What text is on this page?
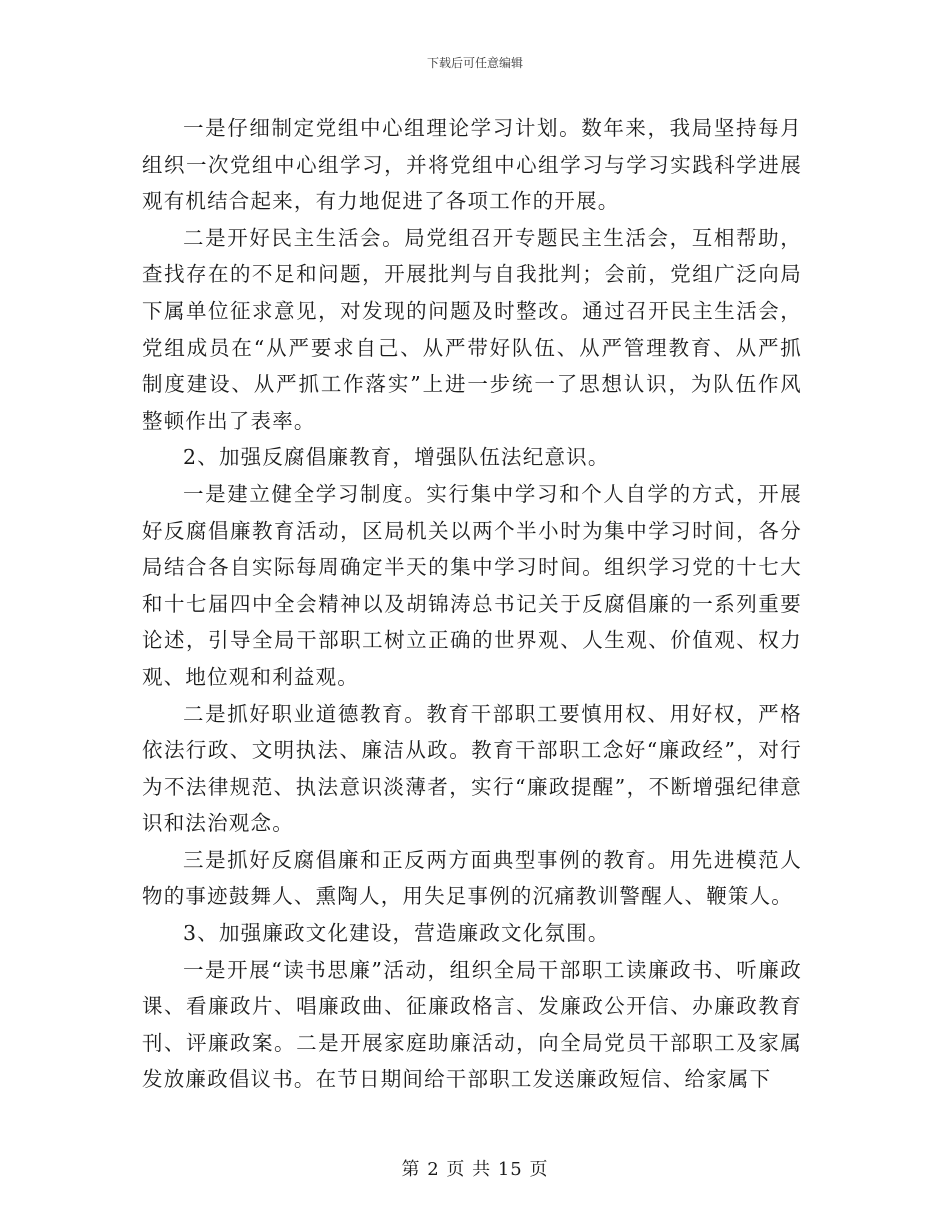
下载后可任意编辑

一是仔细制定党组中心组理论学习计划。数年来，我局坚持每月组织一次党组中心组学习，并将党组中心组学习与学习实践科学进展观有机结合起来，有力地促进了各项工作的开展。

二是开好民主生活会。局党组召开专题民主生活会，互相帮助，查找存在的不足和问题，开展批判与自我批判；会前，党组广泛向局下属单位征求意见，对发现的问题及时整改。通过召开民主生活会，党组成员在“从严要求自己、从严带好队伍、从严管理教育、从严抓制度建设、从严抓工作落实”上进一步统一了思想认识，为队伍作风整顿作出了表率。

2、加强反腐倡廉教育，增强队伍法纪意识。

一是建立健全学习制度。实行集中学习和个人自学的方式，开展好反腐倡廉教育活动，区局机关以两个半小时为集中学习时间，各分局结合各自实际每周确定半天的集中学习时间。组织学习党的十七大和十七届四中全会精神以及胡锦涛总书记关于反腐倡廉的一系列重要论述，引导全局干部职工树立正确的世界观、人生观、价值观、权力观、地位观和利益观。

二是抓好职业道德教育。教育干部职工要慎用权、用好权，严格依法行政、文明执法、廉洁从政。教育干部职工念好“廉政经”，对行为不法律规范、执法意识淡薄者，实行“廉政提醒”，不断增强纪律意识和法治观念。

三是抓好反腐倡廉和正反两方面典型事例的教育。用先进模范人物的事迹鼓舞人、熏陶人，用失足事例的沉痛教训警醒人、鞭策人。

3、加强廉政文化建设，营造廉政文化氛围。

一是开展“读书思廉”活动，组织全局干部职工读廉政书、听廉政课、看廉政片、唱廉政曲、征廉政格言、发廉政公开信、办廉政教育刊、评廉政案。二是开展家庭助廉活动，向全局党员干部职工及家属发放廉政倡议书。在节日期间给干部职工发送廉政短信、给家属下

第 2 页 共 15 页
